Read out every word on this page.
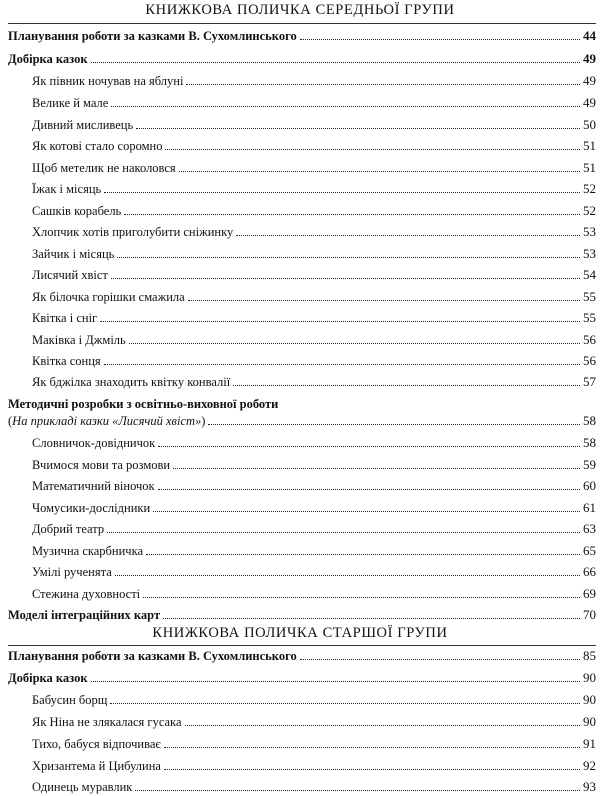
КНИЖКОВА ПОЛИЧКА СЕРЕДНЬОЇ ГРУПИ
Планування роботи за казками В. Сухомлинського	44
Добірка казок	49
Як півник ночував на яблуні	49
Велике й мале	49
Дивний мисливець	50
Як котові стало соромно	51
Щоб метелик не наколовся	51
Їжак і місяць	52
Сашків корабель	52
Хлопчик хотів приголубити сніжинку	53
Зайчик і місяць	53
Лисячий хвіст	54
Як білочка горішки смажила	55
Квітка і сніг	55
Маківка і Джміль	56
Квітка сонця	56
Як бджілка знаходить квітку конвалії	57
Методичні розробки з освітньо-виховної роботи
( На прикладі казки «Лисячий хвіст» )	58
Словничок-довідничок	58
Вчимося мови та розмови	59
Математичний віночок	60
Чомусики-дослідники	61
Добрий театр	63
Музична скарбничка	65
Умілі рученята	66
Стежина духовності	69
Моделі інтеграційних карт	70
КНИЖКОВА ПОЛИЧКА СТАРШОЇ ГРУПИ
Планування роботи за казками В. Сухомлинського	85
Добірка казок	90
Бабусин борщ	90
Як Ніна не злякалася гусака	90
Тихо, бабуся відпочиває	91
Хризантема й Цибулина	92
Одинець муравлик	93
